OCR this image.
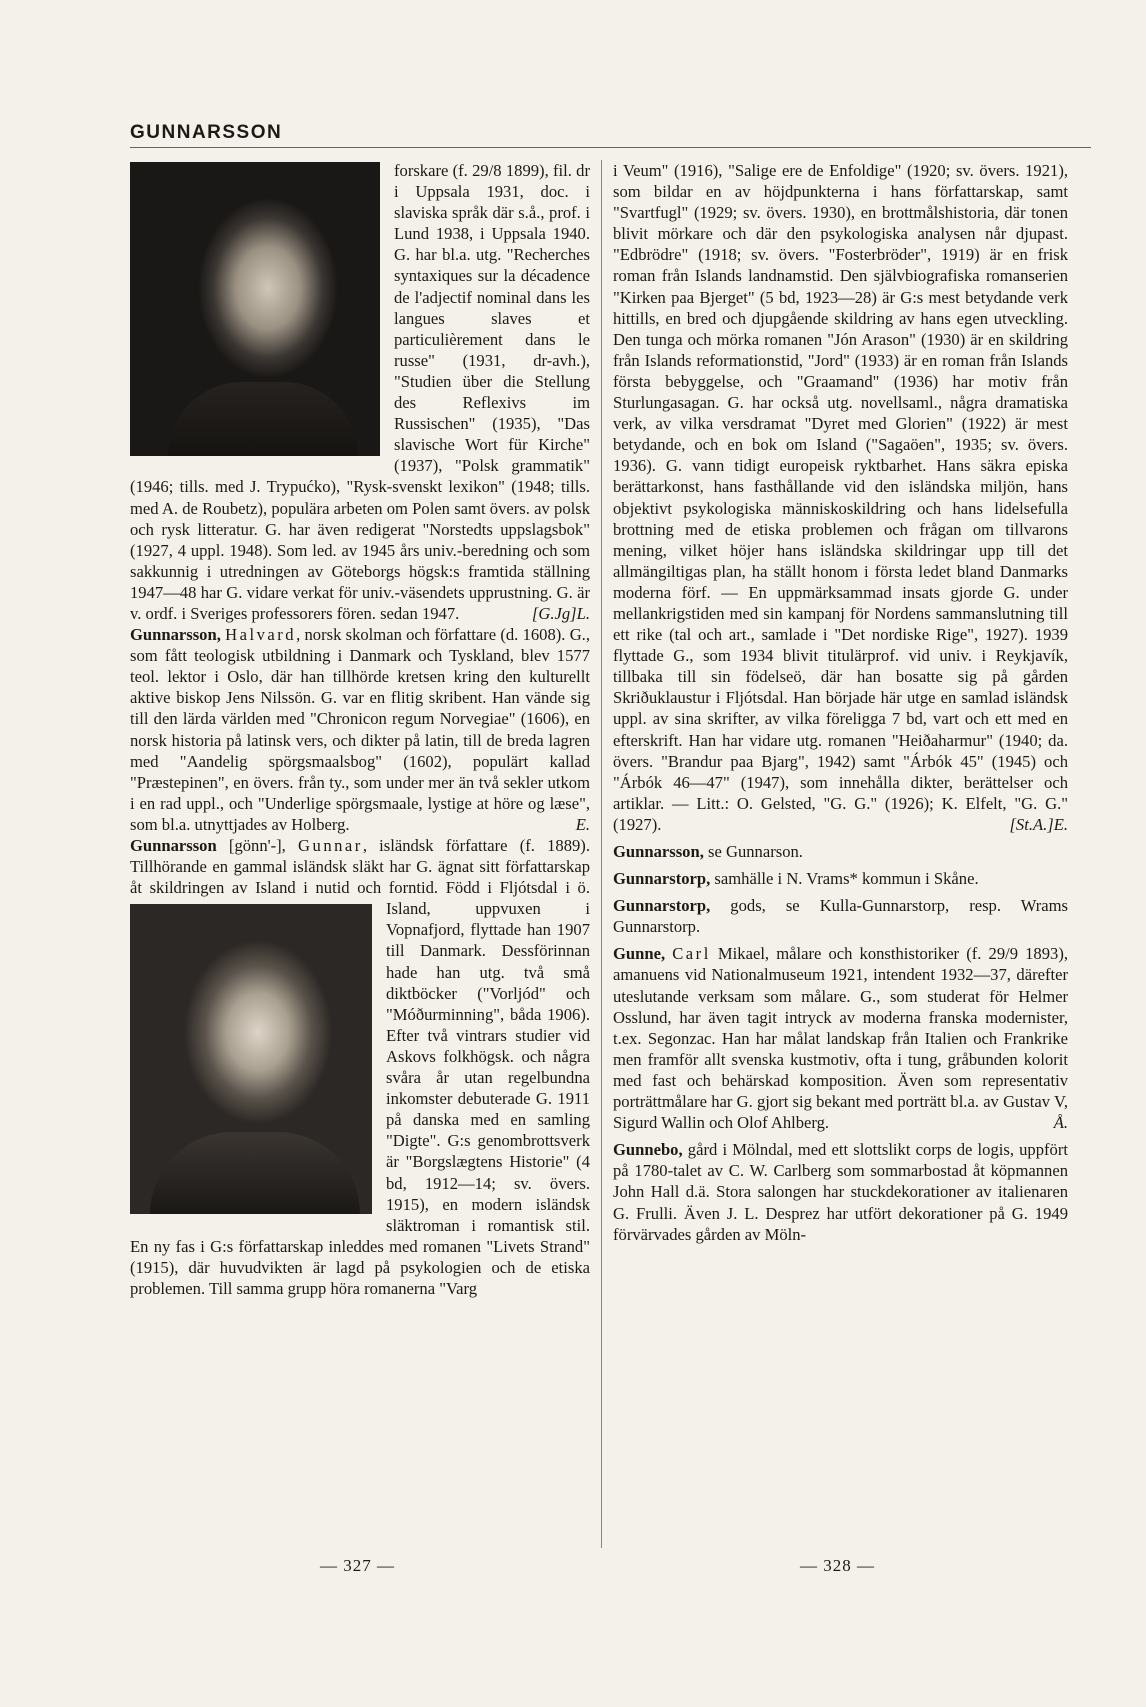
GUNNARSSON

forskare (f. 29/8 1899), fil. dr i Uppsala 1931, doc. i slaviska språk där s.å., prof. i Lund 1938, i Uppsala 1940. G. har bl.a. utg. "Recherches syntaxiques sur la décadence de l'adjectif nominal dans les langues slaves et particulièrement dans le russe" (1931, dr-avh.), "Studien über die Stellung des Reflexivs im Russischen" (1935), "Das slavische Wort für Kirche" (1937), "Polsk grammatik" (1946; tills. med J. Trypućko), "Rysk-svenskt lexikon" (1948; tills. med A. de Roubetz), populära arbeten om Polen samt övers. av polsk och rysk litteratur. G. har även redigerat "Norstedts uppslagsbok" (1927, 4 uppl. 1948). Som led. av 1945 års univ.-beredning och som sakkunnig i utredningen av Göteborgs högsk:s framtida ställning 1947—48 har G. vidare verkat för univ.-väsendets upprustning. G. är v. ordf. i Sveriges professorers fören. sedan 1947.	[G.Jg]L.

Gunnarsson, Halvard, norsk skolman och författare (d. 1608). G., som fått teologisk utbildning i Danmark och Tyskland, blev 1577 teol. lektor i Oslo, där han tillhörde kretsen kring den kulturellt aktive biskop Jens Nilssön. G. var en flitig skribent. Han vände sig till den lärda världen med "Chronicon regum Norvegiae" (1606), en norsk historia på latinsk vers, och dikter på latin, till de breda lagren med "Aandelig spörgsmaalsbog" (1602), populärt kallad "Præstepinen", en övers. från ty., som under mer än två sekler utkom i en rad uppl., och "Underlige spörgsmaale, lystige at höre og læse", som bl.a. utnyttjades av Holberg.	E.

Gunnarsson [gönn'-], Gunnar, isländsk författare (f. 1889). Tillhörande en gammal isländsk släkt har G. ägnat sitt författarskap åt skildringen av Island i nutid och forntid. Född i Fljótsdal i ö. Island, uppvuxen i Vopnafjord, flyttade han 1907 till Danmark. Dessförinnan hade han utg. två små diktböcker ("Vorljód" och "Móðurminning", båda 1906). Efter två vintrars studier vid Askovs folkhögsk. och några svåra år utan regelbundna inkomster debuterade G. 1911 på danska med en samling "Digte". G:s genombrottsverk är "Borgslægtens Historie" (4 bd, 1912—14; sv. övers. 1915), en modern isländsk släktroman i romantisk stil. En ny fas i G:s författarskap inleddes med romanen "Livets Strand" (1915), där huvudvikten är lagd på psykologien och de etiska problemen. Till samma grupp höra romanerna "Varg

i Veum" (1916), "Salige ere de Enfoldige" (1920; sv. övers. 1921), som bildar en av höjdpunkterna i hans författarskap, samt "Svartfugl" (1929; sv. övers. 1930), en brottmålshistoria, där tonen blivit mörkare och där den psykologiska analysen når djupast. "Edbrödre" (1918; sv. övers. "Fosterbröder", 1919) är en frisk roman från Islands landnamstid. Den självbiografiska romanserien "Kirken paa Bjerget" (5 bd, 1923—28) är G:s mest betydande verk hittills, en bred och djupgående skildring av hans egen utveckling. Den tunga och mörka romanen "Jón Arason" (1930) är en skildring från Islands reformationstid, "Jord" (1933) är en roman från Islands första bebyggelse, och "Graamand" (1936) har motiv från Sturlungasagan. G. har också utg. novellsaml., några dramatiska verk, av vilka versdramat "Dyret med Glorien" (1922) är mest betydande, och en bok om Island ("Sagaöen", 1935; sv. övers. 1936). G. vann tidigt europeisk ryktbarhet. Hans säkra episka berättarkonst, hans fasthållande vid den isländska miljön, hans objektivt psykologiska människoskildring och hans lidelsefulla brottning med de etiska problemen och frågan om tillvarons mening, vilket höjer hans isländska skildringar upp till det allmängiltigas plan, ha ställt honom i första ledet bland Danmarks moderna förf. — En uppmärksammad insats gjorde G. under mellankrigstiden med sin kampanj för Nordens sammanslutning till ett rike (tal och art., samlade i "Det nordiske Rige", 1927). 1939 flyttade G., som 1934 blivit titulärprof. vid univ. i Reykjavík, tillbaka till sin födelseö, där han bosatte sig på gården Skriðuklaustur i Fljótsdal. Han började här utge en samlad isländsk uppl. av sina skrifter, av vilka föreligga 7 bd, vart och ett med en efterskrift. Han har vidare utg. romanen "Heiðaharmur" (1940; da. övers. "Brandur paa Bjarg", 1942) samt "Árbók 45" (1945) och "Árbók 46—47" (1947), som innehålla dikter, berättelser och artiklar. — Litt.: O. Gelsted, "G. G." (1926); K. Elfelt, "G. G." (1927).	[St.A.]E.

Gunnarsson, se Gunnarson.

Gunnarstorp, samhälle i N. Vrams* kommun i Skåne.

Gunnarstorp, gods, se Kulla-Gunnarstorp, resp. Wrams Gunnarstorp.

Gunne, Carl Mikael, målare och konsthistoriker (f. 29/9 1893), amanuens vid Nationalmuseum 1921, intendent 1932—37, därefter uteslutande verksam som målare. G., som studerat för Helmer Osslund, har även tagit intryck av moderna franska modernister, t.ex. Segonzac. Han har målat landskap från Italien och Frankrike men framför allt svenska kustmotiv, ofta i tung, gråbunden kolorit med fast och behärskad komposition. Även som representativ porträttmålare har G. gjort sig bekant med porträtt bl.a. av Gustav V, Sigurd Wallin och Olof Ahlberg.	Å.

Gunnebo, gård i Mölndal, med ett slottslikt corps de logis, uppfört på 1780-talet av C. W. Carlberg som sommarbostad åt köpmannen John Hall d.ä. Stora salongen har stuckdekorationer av italienaren G. Frulli. Även J. L. Desprez har utfört dekorationer på G. 1949 förvärvades gården av Möln-

— 327 —	— 328 —
